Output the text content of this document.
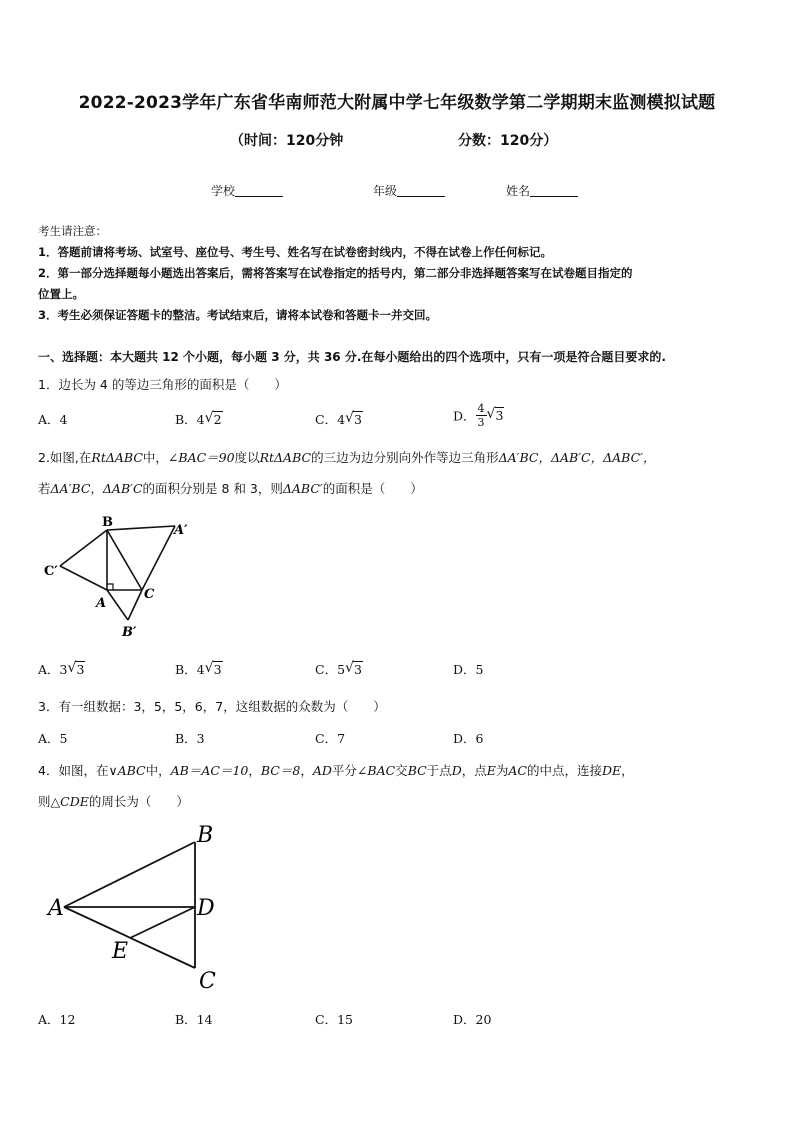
2022-2023学年广东省华南师范大附属中学七年级数学第二学期期末监测模拟试题
（时间：120分钟	分数：120分）
学校	年级	姓名
考生请注意：
1．答题前请将考场、试室号、座位号、考生号、姓名写在试卷密封线内，不得在试卷上作任何标记。
2．第一部分选择题每小题选出答案后，需将答案写在试卷指定的括号内，第二部分非选择题答案写在试卷题目指定的
位置上。
3．考生必须保证答题卡的整洁。考试结束后，请将本试卷和答题卡一并交回。
一、选择题：本大题共 12 个小题，每小题 3 分，共 36 分.在每小题给出的四个选项中，只有一项是符合题目要求的.
1．边长为 4 的等边三角形的面积是（　　）
A．4	B．4 √ 2	C．4 √ 3	D． $\frac{4}{3}$ √ 3
2.如图,在RtΔABC中，∠BAC＝90度以RtΔABC的三边为边分别向外作等边三角形ΔA′BC，ΔAB′C，ΔABC′，
若ΔA′BC，ΔAB′C的面积分别是 8 和 3，则ΔABC′的面积是（　　）
B
A′
C′
A
C
B′
A．3 √ 3	B．4 √ 3	C．5 √ 3	D．5
3．有一组数据：3，5，5，6，7，这组数据的众数为（　　）
A．5	B．3	C．7	D．6
4．如图，在∨ABC中，AB＝AC＝10，BC＝8，AD平分∠BAC交BC于点D，点E为AC的中点，连接DE，
则△CDE的周长为（　　）
A
B
D
E
C
A．12	B．14	C．15	D．20
